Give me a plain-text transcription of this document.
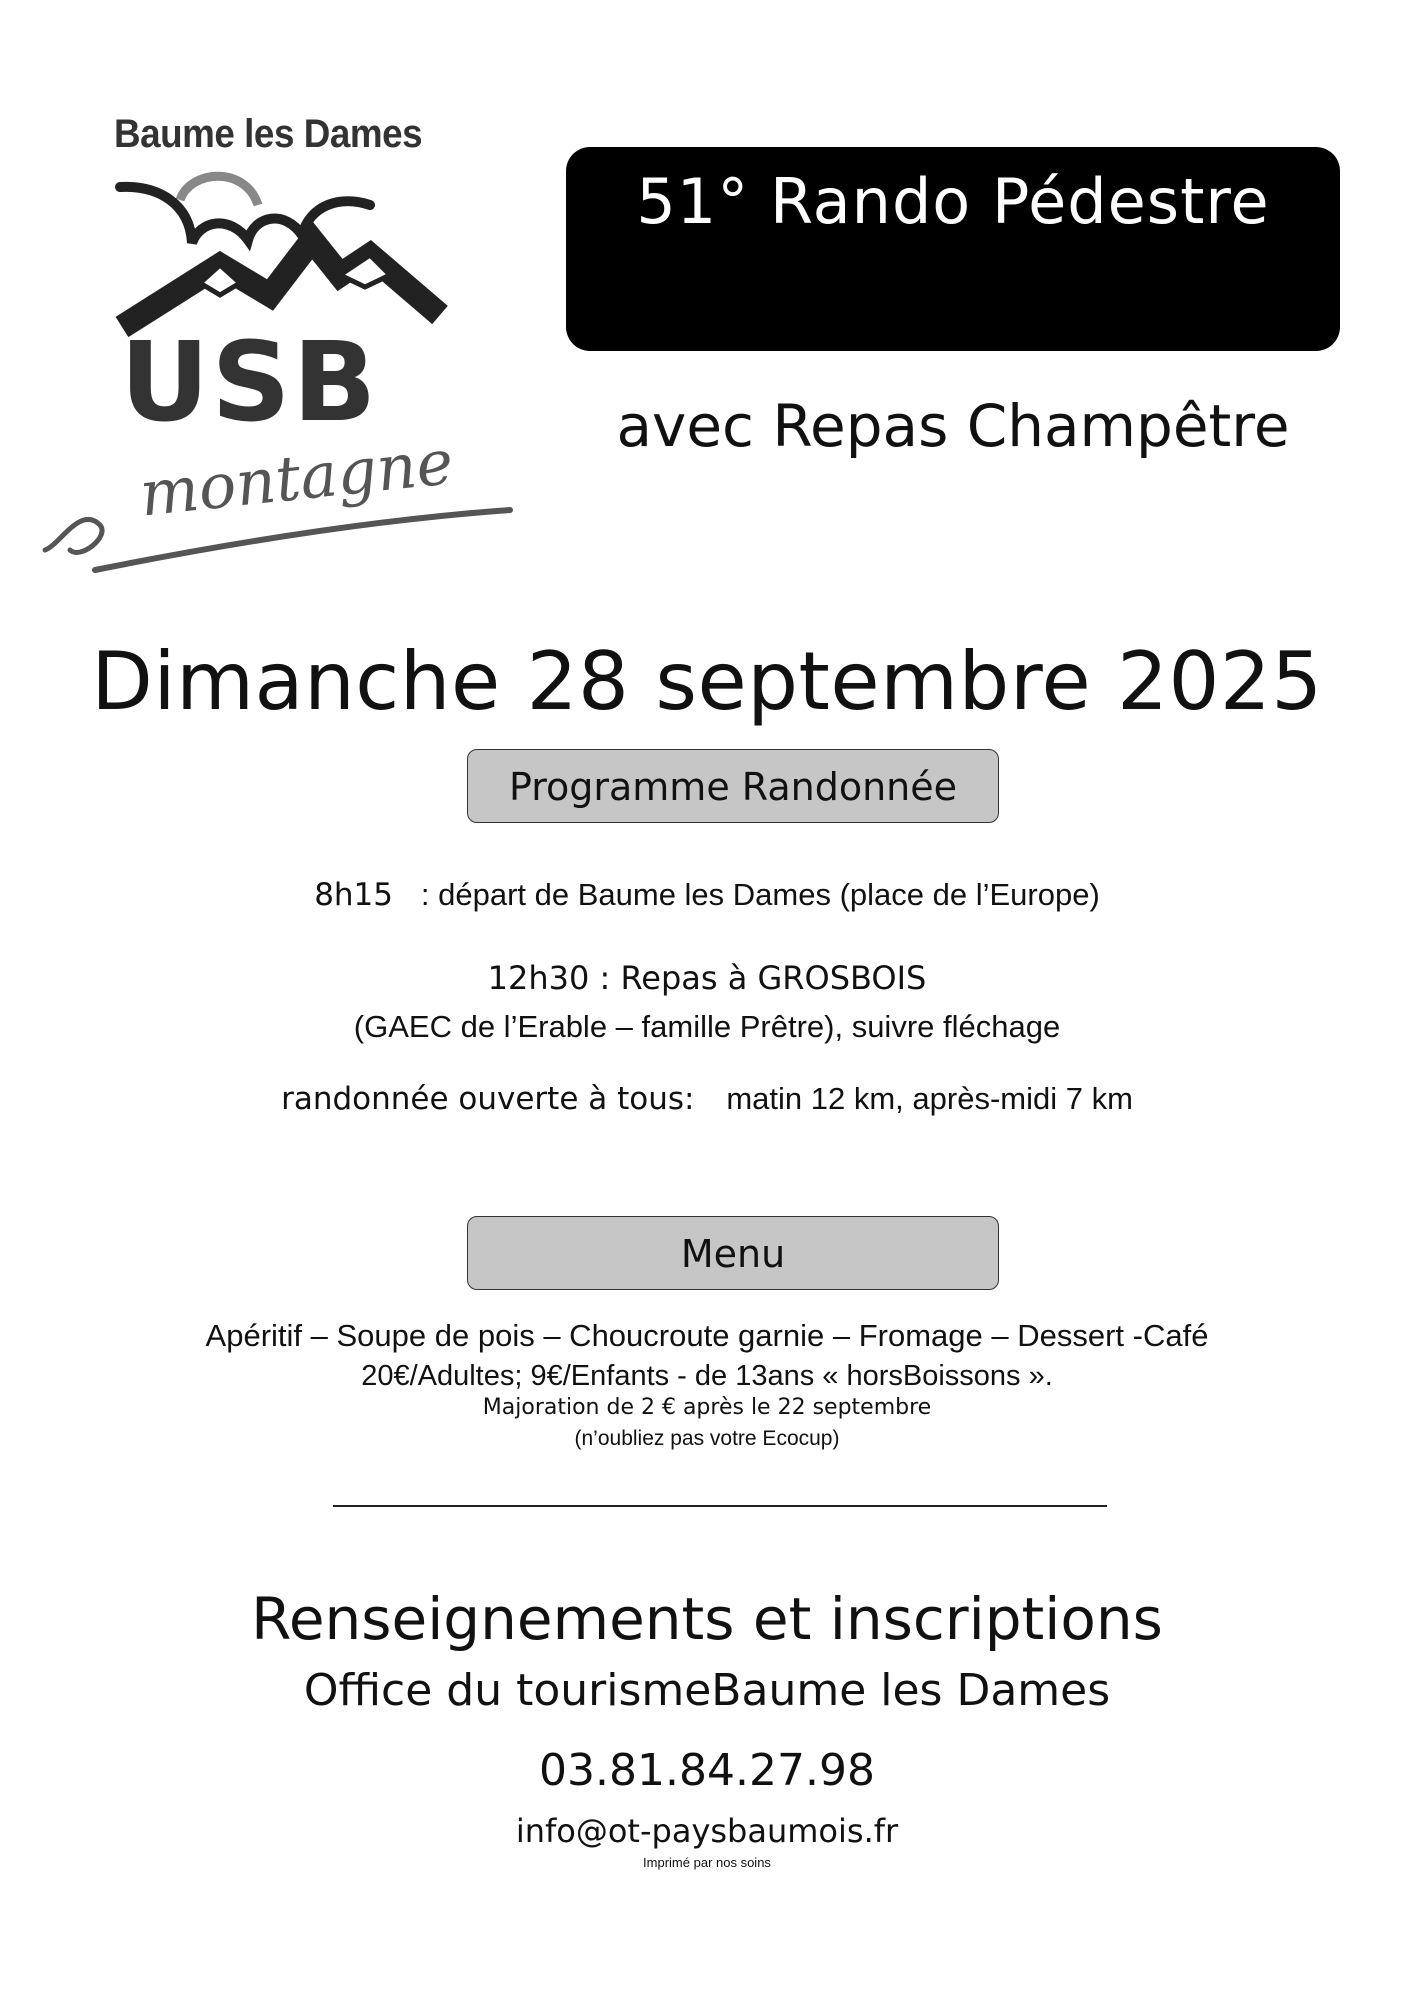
Baume les Dames
USB
montagne
51° Rando Pédestre
avec Repas Champêtre
Dimanche 28 septembre 2025
Programme Randonnée
8h15 : départ de Baume les Dames (place de l’Europe)
12h30 : Repas à GROSBOIS
(GAEC de l’Erable – famille Prêtre), suivre fléchage
randonnée ouverte à tous: matin 12 km, après-midi 7 km
Menu
Apéritif – Soupe de pois – Choucroute garnie – Fromage – Dessert -Café
20€/Adultes; 9€/Enfants - de 13ans « horsBoissons ».
Majoration de 2 € après le 22 septembre
(n’oubliez pas votre Ecocup)
Renseignements et inscriptions
Office du tourismeBaume les Dames
03.81.84.27.98
info@ot-paysbaumois.fr
Imprimé par nos soins
